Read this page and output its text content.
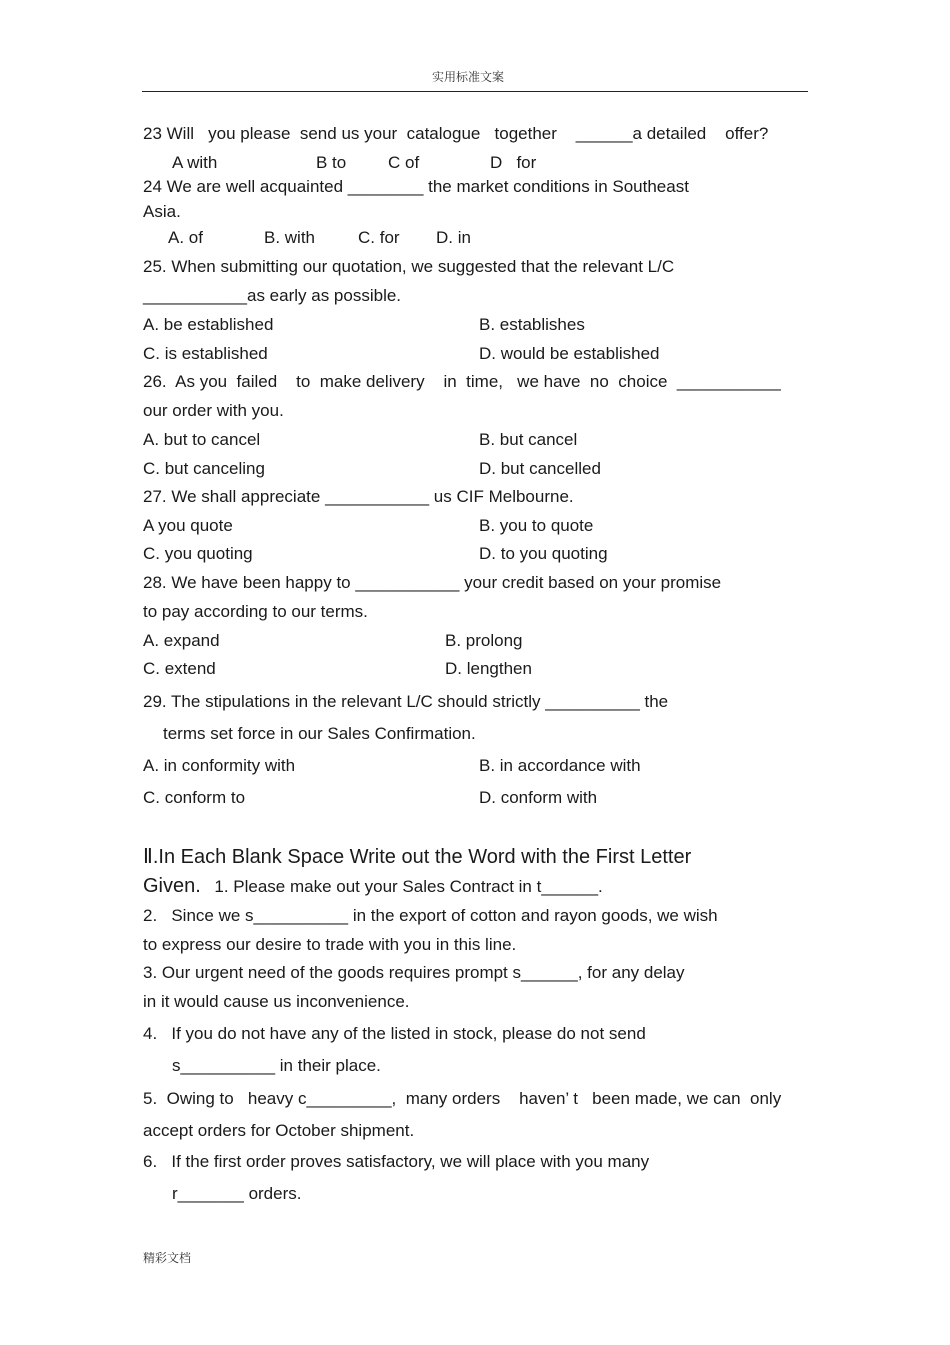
实用标准文案
23 Will   you please  send us your  catalogue   together    ______a detailed    offer?
A with	B to C of	D   for
24 We are well acquainted ________ the market conditions in Southeast
Asia.
A. of	B. with	C. for D. in
25. When submitting our quotation, we suggested that the relevant L/C
___________as early as possible.
A. be established	B. establishes
C. is established	D. would be established
26.  As you  failed    to  make delivery    in  time,   we have  no  choice  ___________
our order with you.
A. but to cancel	B. but cancel
C. but canceling	D. but cancelled
27. We shall appreciate ___________ us CIF Melbourne.
A you quote	B. you to quote
C. you quoting	D. to you quoting
28. We have been happy to ___________ your credit based on your promise
to pay according to our terms.
A. expand	B. prolong
C. extend	D. lengthen
29. The stipulations in the relevant L/C should strictly __________ the
terms set force in our Sales Confirmation.
A. in conformity with	B. in accordance with
C. conform to	D. conform with
Ⅱ.In Each Blank Space Write out the Word with the First Letter
Given. 1. Please make out your Sales Contract in t______.
2.   Since we s__________ in the export of cotton and rayon goods, we wish
to express our desire to trade with you in this line.
3. Our urgent need of the goods requires prompt s______, for any delay
in it would cause us inconvenience.
4.   If you do not have any of the listed in stock, please do not send
s__________ in their place.
5.  Owing to   heavy c_________,  many orders    haven’ t   been made, we can  only
accept orders for October shipment.
6.   If the first order proves satisfactory, we will place with you many
r_______ orders.
精彩文档
